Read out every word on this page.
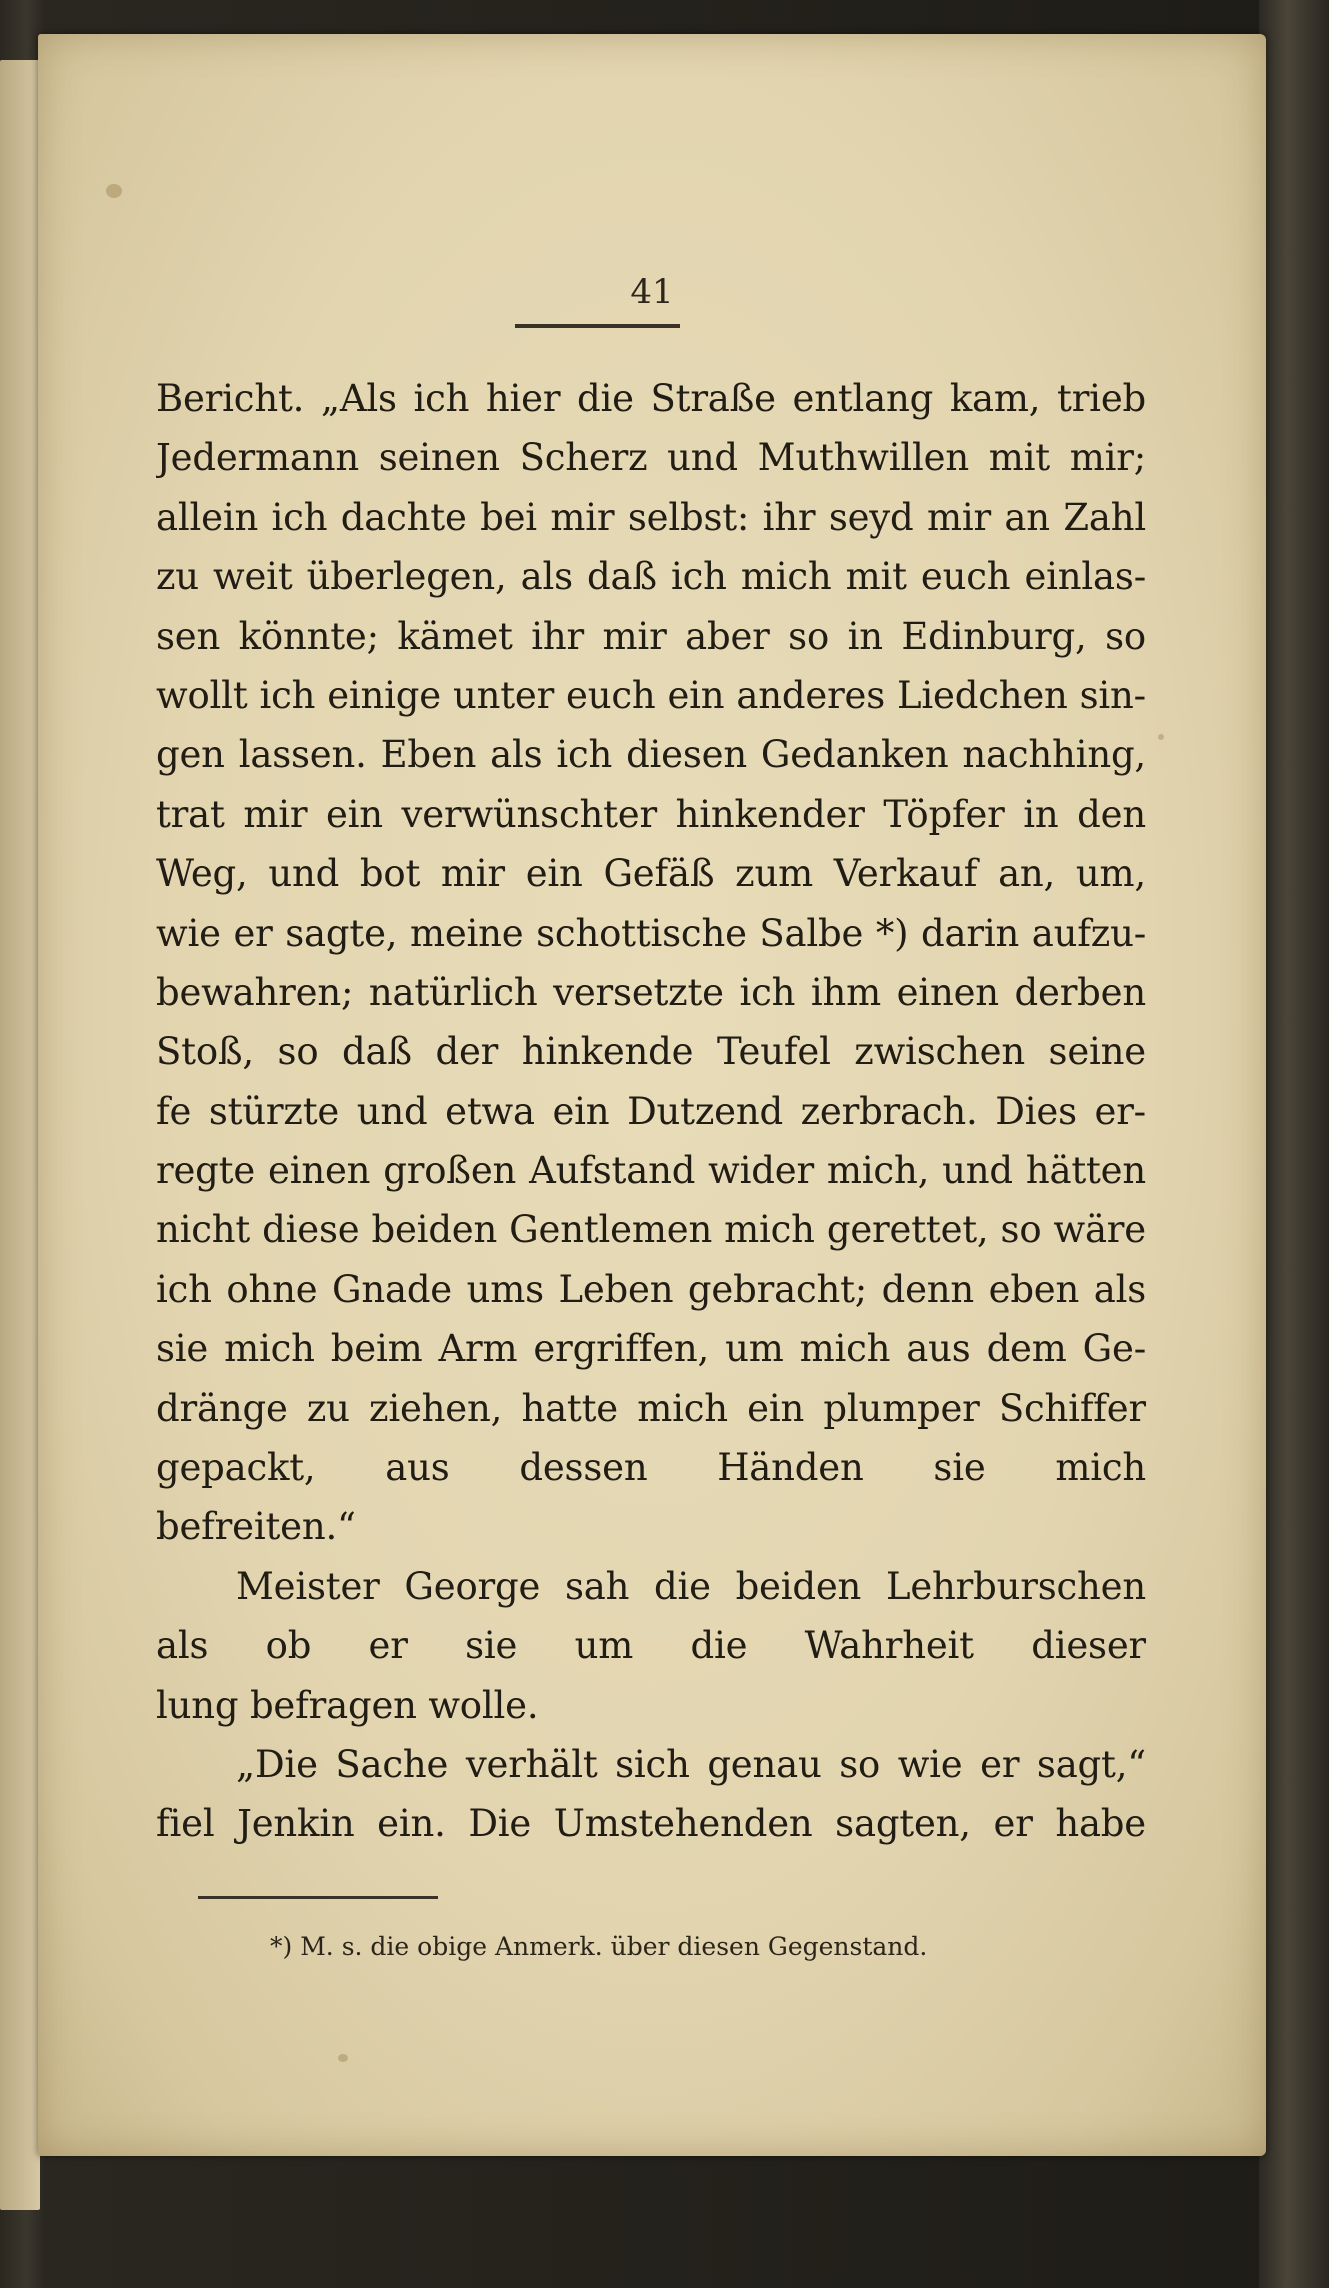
41
Bericht. „Als ich hier die Straße entlang kam, trieb
Jedermann seinen Scherz und Muthwillen mit mir;
allein ich dachte bei mir selbst: ihr seyd mir an Zahl
zu weit überlegen, als daß ich mich mit euch einlas-
sen könnte; kämet ihr mir aber so in Edinburg, so
wollt ich einige unter euch ein anderes Liedchen sin-
gen lassen. Eben als ich diesen Gedanken nachhing,
trat mir ein verwünschter hinkender Töpfer in den
Weg, und bot mir ein Gefäß zum Verkauf an, um,
wie er sagte, meine schottische Salbe *) darin aufzu-
bewahren; natürlich versetzte ich ihm einen derben
Stoß, so daß der hinkende Teufel zwischen seine
fe stürzte und etwa ein Dutzend zerbrach. Dies er-
regte einen großen Aufstand wider mich, und hätten
nicht diese beiden Gentlemen mich gerettet, so wäre
ich ohne Gnade ums Leben gebracht; denn eben als
sie mich beim Arm ergriffen, um mich aus dem Ge-
dränge zu ziehen, hatte mich ein plumper Schiffer
gepackt, aus dessen Händen sie mich
befreiten.“
Meister George sah die beiden Lehrburschen
als ob er sie um die Wahrheit dieser
lung befragen wolle.
„Die Sache verhält sich genau so wie er sagt,“
fiel Jenkin ein. Die Umstehenden sagten, er habe
*) M. s. die obige Anmerk. über diesen Gegenstand.
